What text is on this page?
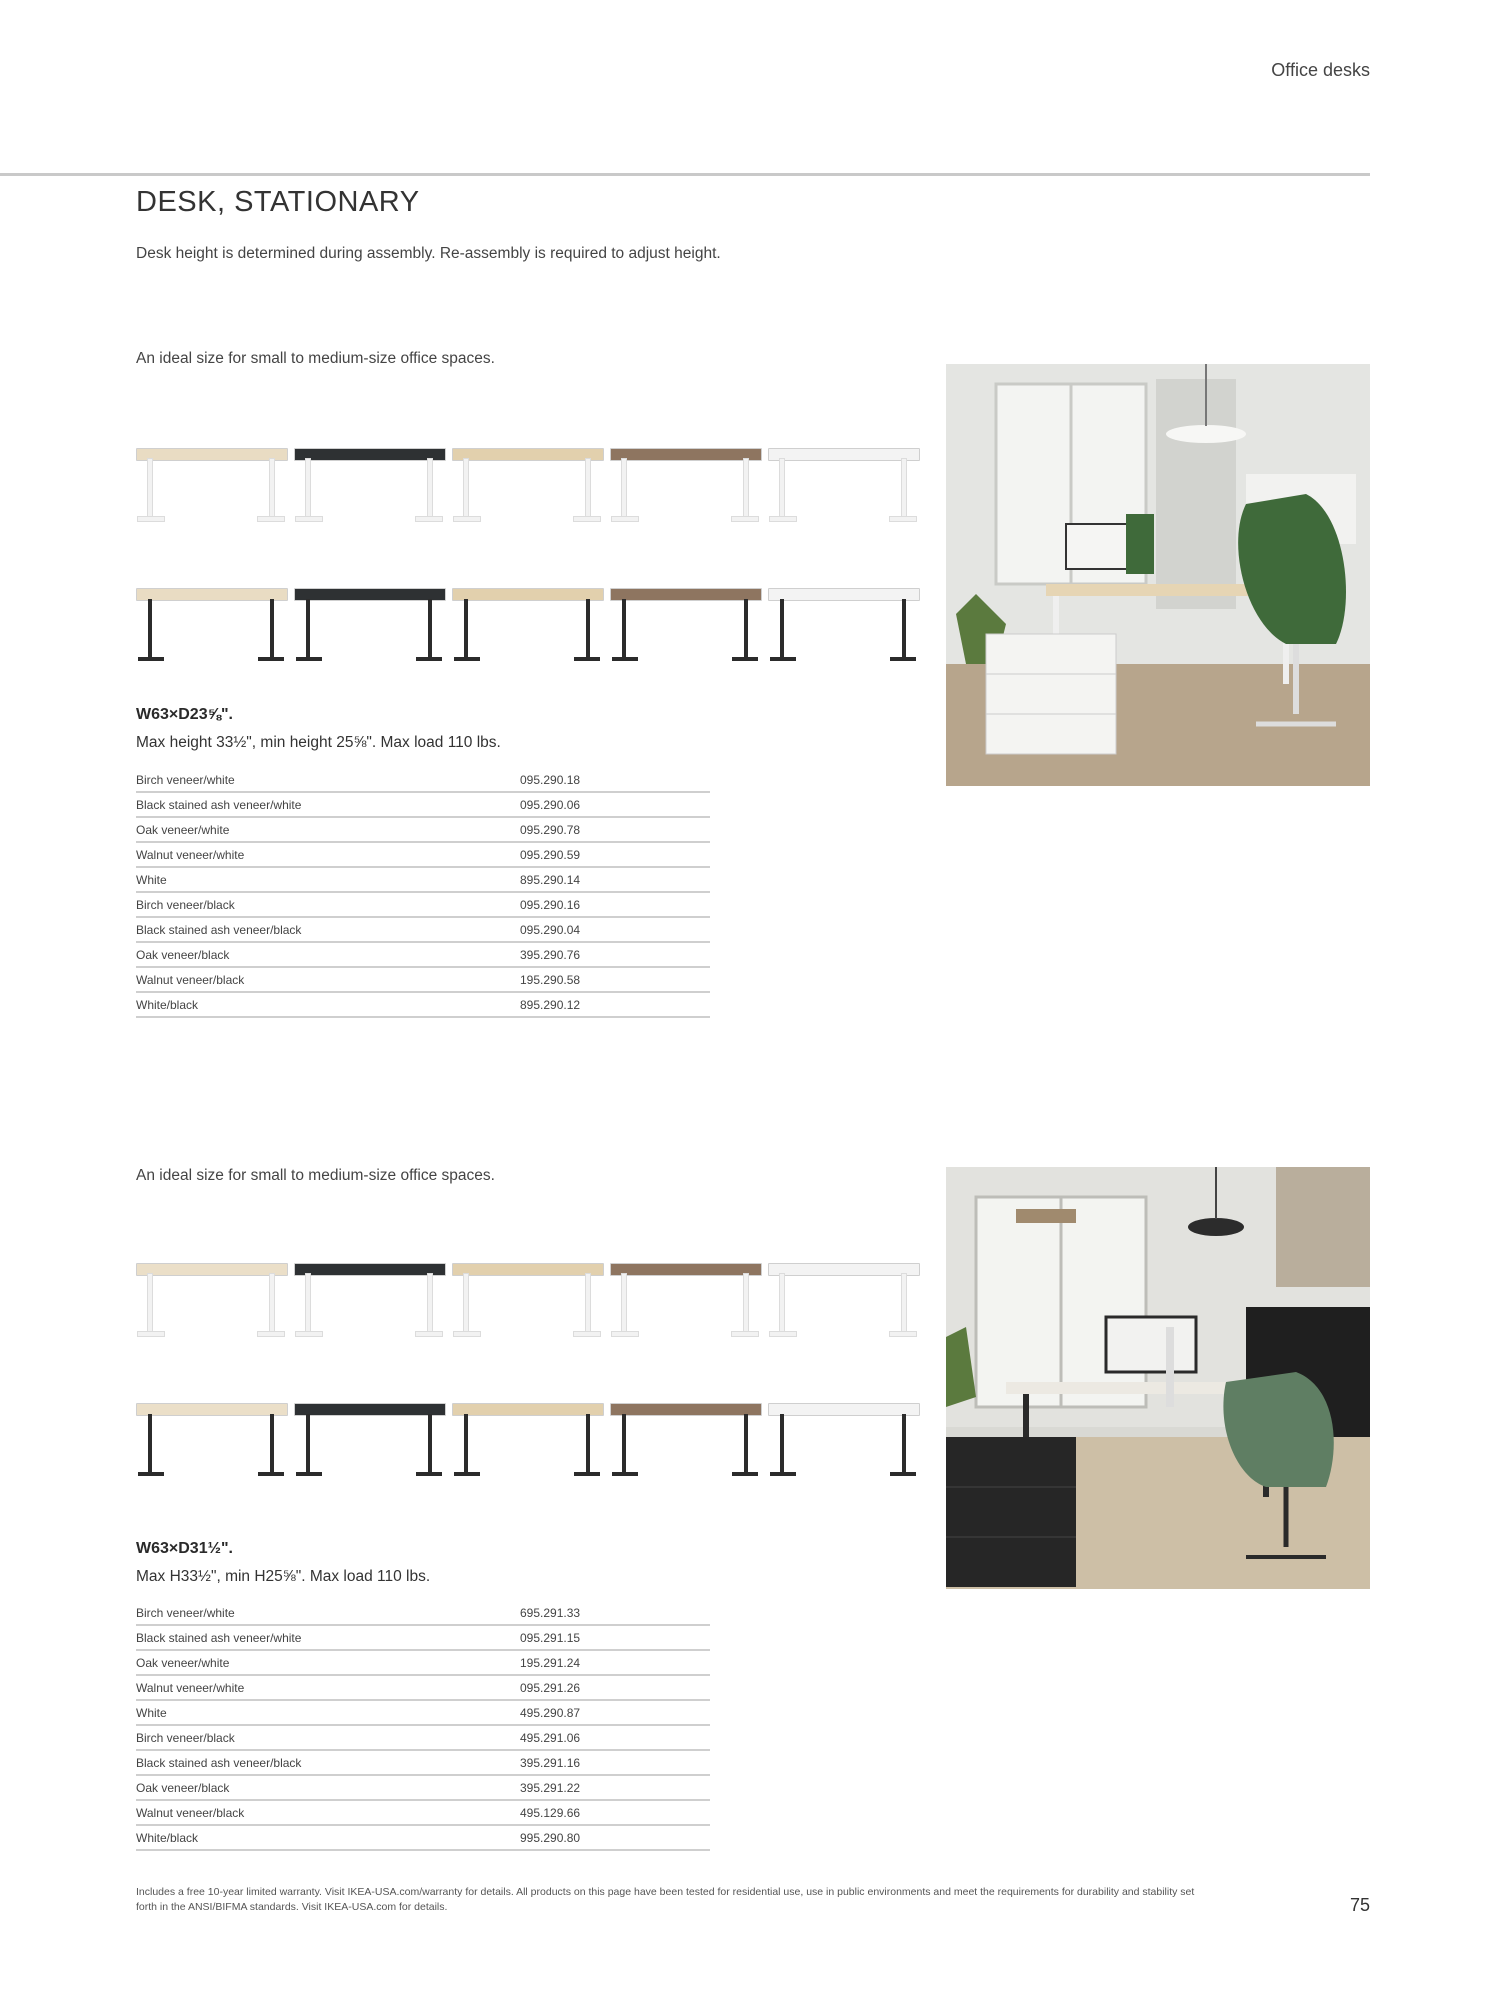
Office desks
DESK, STATIONARY
Desk height is determined during assembly. Re-assembly is required to adjust height.
An ideal size for small to medium-size office spaces.
W63×D23⅝".
Max height 33½", min height 25⅝". Max load 110 lbs.
Birch veneer/white	095.290.18
Black stained ash veneer/white	095.290.06
Oak veneer/white	095.290.78
Walnut veneer/white	095.290.59
White	895.290.14
Birch veneer/black	095.290.16
Black stained ash veneer/black	095.290.04
Oak veneer/black	395.290.76
Walnut veneer/black	195.290.58
White/black	895.290.12
An ideal size for small to medium-size office spaces.
W63×D31½".
Max H33½", min H25⅝". Max load 110 lbs.
Birch veneer/white	695.291.33
Black stained ash veneer/white	095.291.15
Oak veneer/white	195.291.24
Walnut veneer/white	095.291.26
White	495.290.87
Birch veneer/black	495.291.06
Black stained ash veneer/black	395.291.16
Oak veneer/black	395.291.22
Walnut veneer/black	495.129.66
White/black	995.290.80
Includes a free 10-year limited warranty. Visit IKEA-USA.com/warranty for details. All products on this page have been tested for residential use, use in public environments and meet the requirements for durability and stability set forth in the ANSI/BIFMA standards. Visit IKEA-USA.com for details.	75
